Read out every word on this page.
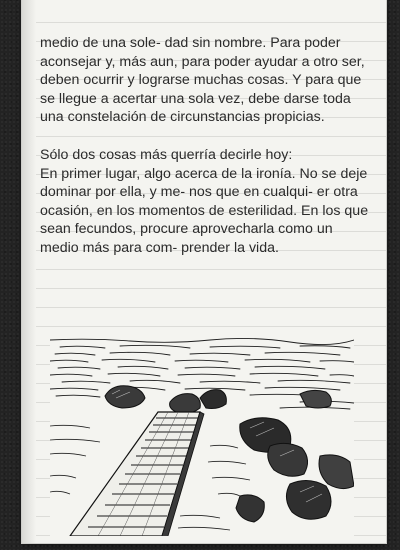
medio de una sole- dad sin nombre. Para poder aconsejar y, más aun, para poder ayudar a otro ser, deben ocurrir y lograrse muchas cosas. Y para que se llegue a acertar una sola vez, debe darse toda una constelación de circunstancias propicias.

Sólo dos cosas más querría decirle hoy:

En primer lugar, algo acerca de la ironía. No se deje dominar por ella, y me- nos que en cualqui- er otra ocasión, en los momentos de esterilidad. En los que sean fecundos, procure aprovecharla como un medio más para com- prender la vida.
